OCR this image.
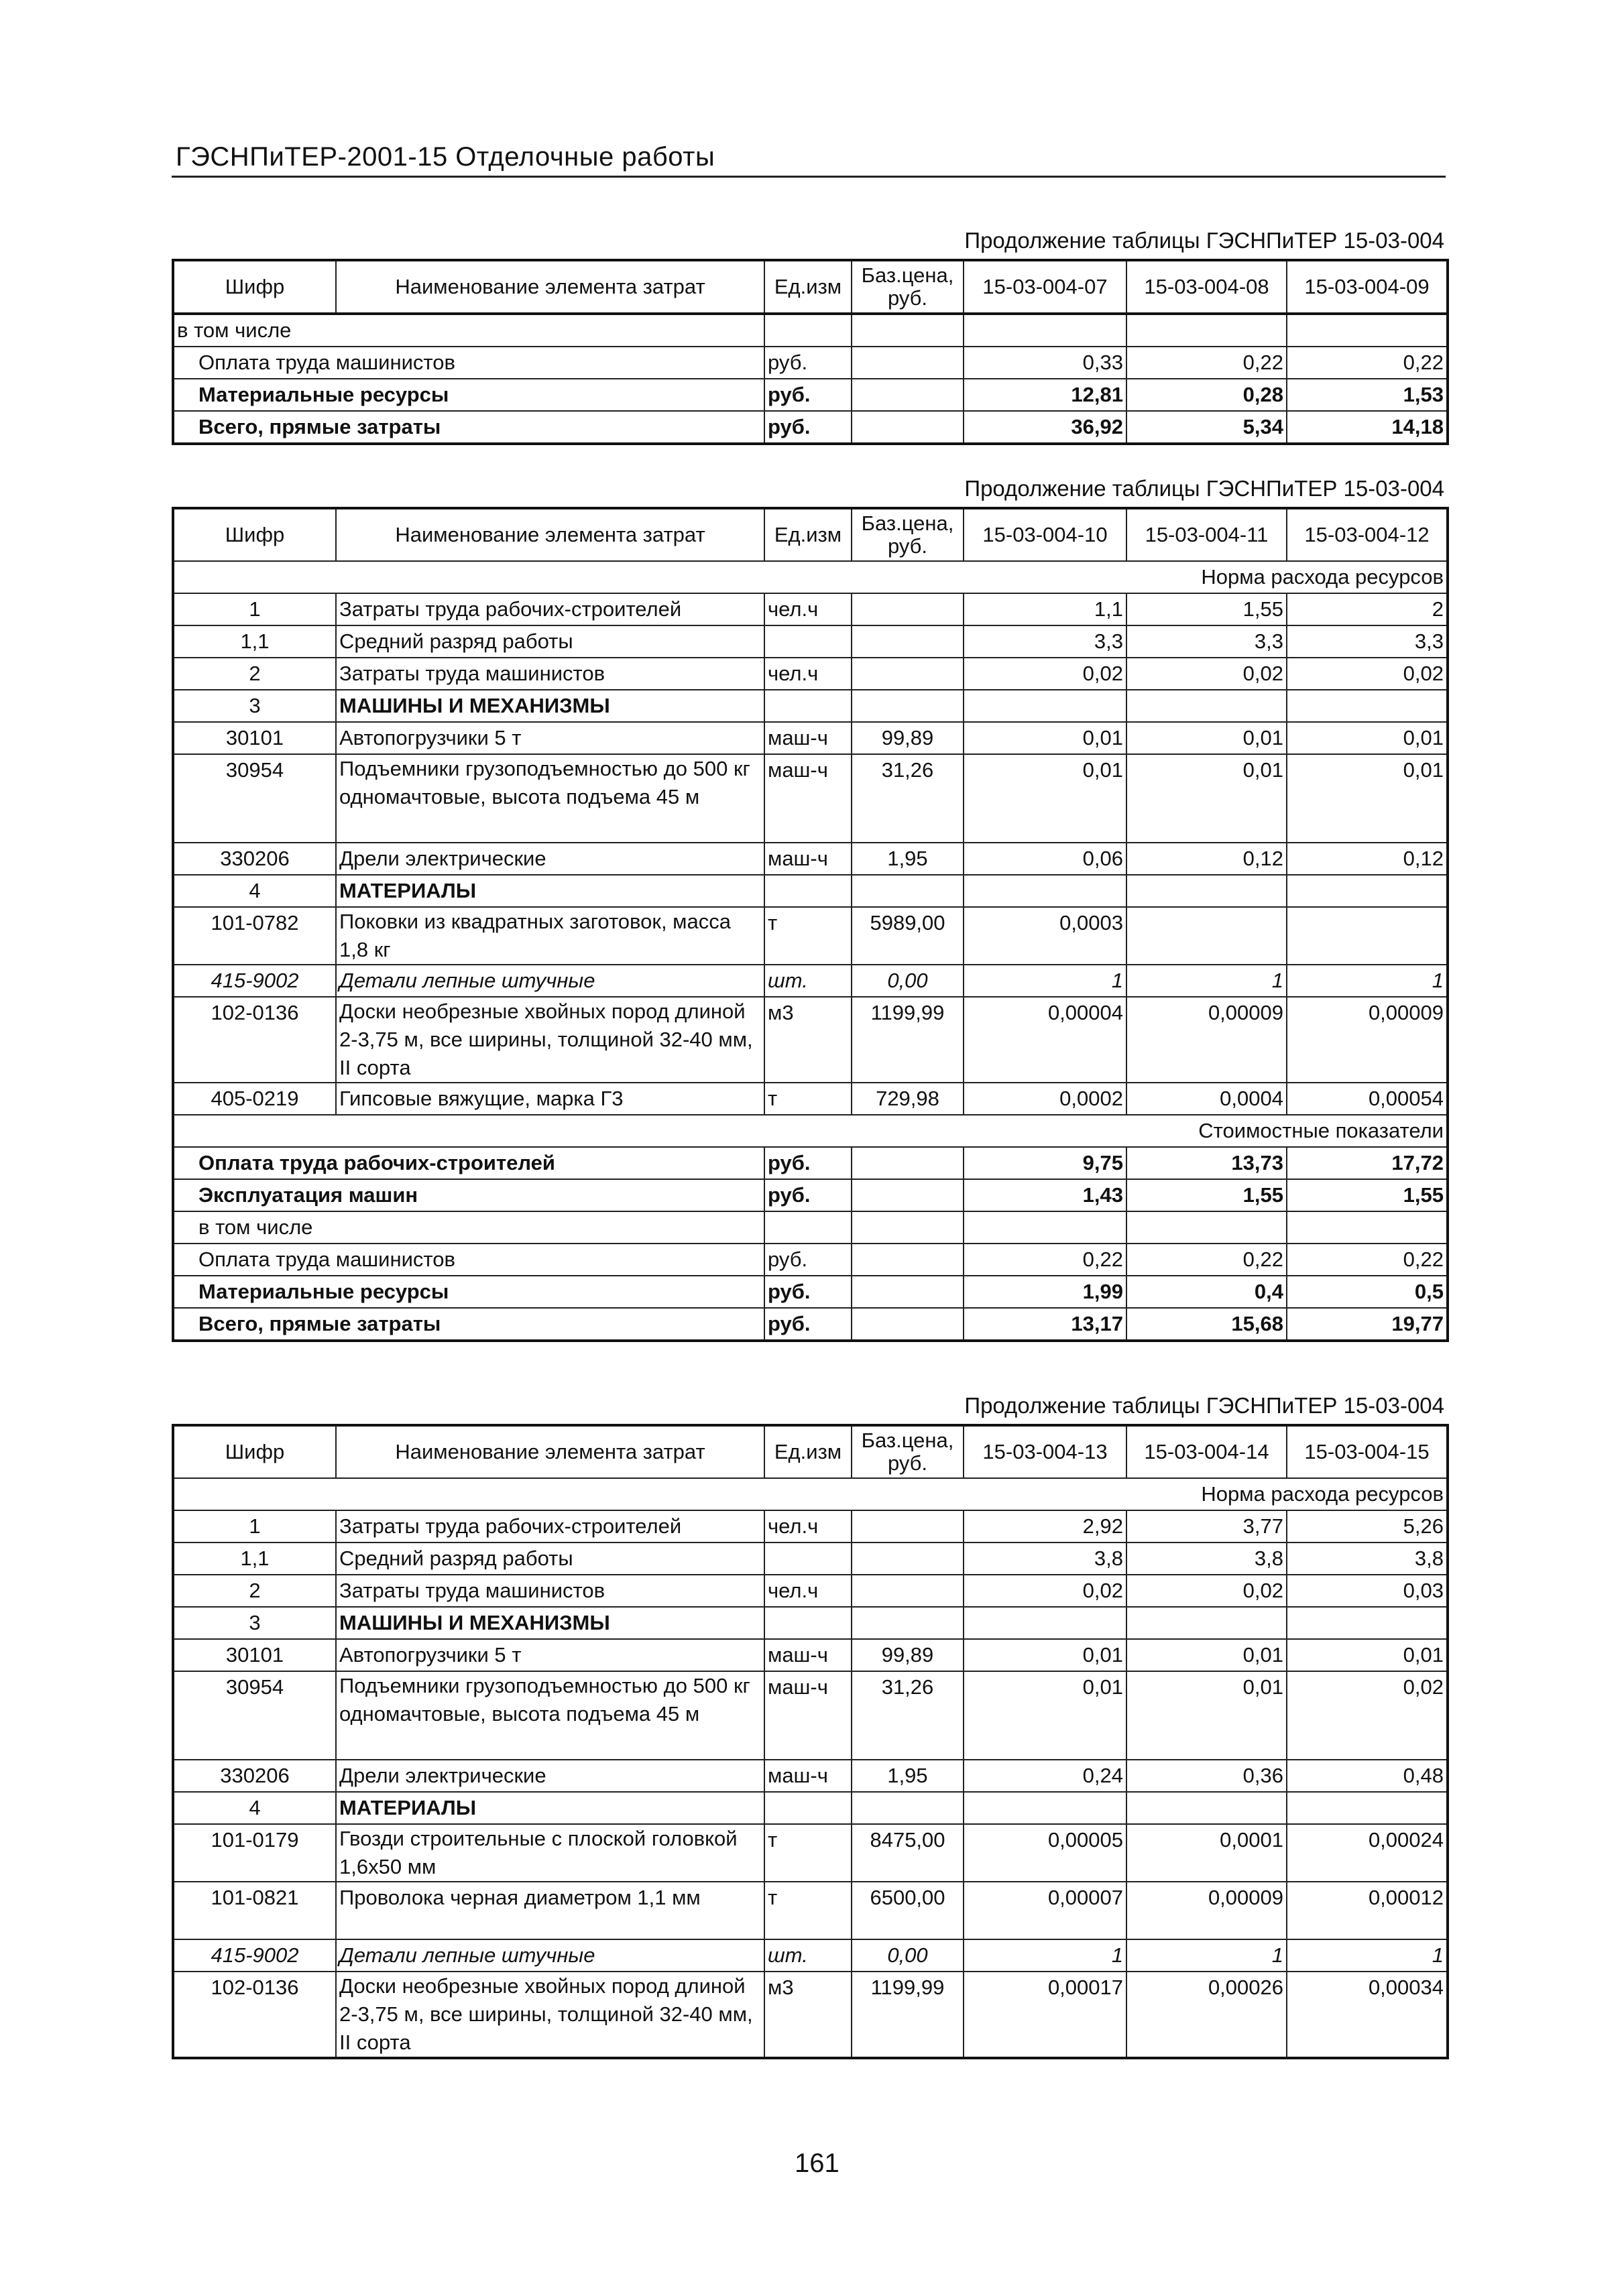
ГЭСНПиТЕР-2001-15 Отделочные работы
Продолжение таблицы ГЭСНПиТЕР 15-03-004
Шифр	Наименование элемента затрат	Ед.изм	Баз.цена, руб.	15-03-004-07	15-03-004-08	15-03-004-09
в том числе						
Оплата труда машинистов		руб.		0,33	0,22	0,22
Материальные ресурсы		руб.		12,81	0,28	1,53
Всего, прямые затраты		руб.		36,92	5,34	14,18
Продолжение таблицы ГЭСНПиТЕР 15-03-004
Шифр	Наименование элемента затрат	Ед.изм	Баз.цена, руб.	15-03-004-10	15-03-004-11	15-03-004-12
Норма расхода ресурсов						
1	Затраты труда рабочих-строителей	чел.ч		1,1	1,55	2
1,1	Средний разряд работы			3,3	3,3	3,3
2	Затраты труда машинистов	чел.ч		0,02	0,02	0,02
3	МАШИНЫ И МЕХАНИЗМЫ					
30101	Автопогрузчики 5 т	маш-ч	99,89	0,01	0,01	0,01
30954	Подъемники грузоподъемностью до 500 кг одномачтовые, высота подъема 45 м	маш-ч	31,26	0,01	0,01	0,01
330206	Дрели электрические	маш-ч	1,95	0,06	0,12	0,12
4	МАТЕРИАЛЫ					
101-0782	Поковки из квадратных заготовок, масса 1,8 кг	т	5989,00	0,0003		
415-9002	Детали лепные штучные	шт.	0,00	1	1	1
102-0136	Доски необрезные хвойных пород длиной 2-3,75 м, все ширины, толщиной 32-40 мм, II сорта	м3	1199,99	0,00004	0,00009	0,00009
405-0219	Гипсовые вяжущие, марка Г3	т	729,98	0,0002	0,0004	0,00054
Стоимостные показатели						
Оплата труда рабочих-строителей		руб.		9,75	13,73	17,72
Эксплуатация машин		руб.		1,43	1,55	1,55
в том числе						
Оплата труда машинистов		руб.		0,22	0,22	0,22
Материальные ресурсы		руб.		1,99	0,4	0,5
Всего, прямые затраты		руб.		13,17	15,68	19,77
Продолжение таблицы ГЭСНПиТЕР 15-03-004
Шифр	Наименование элемента затрат	Ед.изм	Баз.цена, руб.	15-03-004-13	15-03-004-14	15-03-004-15
Норма расхода ресурсов						
1	Затраты труда рабочих-строителей	чел.ч		2,92	3,77	5,26
1,1	Средний разряд работы			3,8	3,8	3,8
2	Затраты труда машинистов	чел.ч		0,02	0,02	0,03
3	МАШИНЫ И МЕХАНИЗМЫ					
30101	Автопогрузчики 5 т	маш-ч	99,89	0,01	0,01	0,01
30954	Подъемники грузоподъемностью до 500 кг одномачтовые, высота подъема 45 м	маш-ч	31,26	0,01	0,01	0,02
330206	Дрели электрические	маш-ч	1,95	0,24	0,36	0,48
4	МАТЕРИАЛЫ					
101-0179	Гвозди строительные с плоской головкой 1,6х50 мм	т	8475,00	0,00005	0,0001	0,00024
101-0821	Проволока черная диаметром 1,1 мм	т	6500,00	0,00007	0,00009	0,00012
415-9002	Детали лепные штучные	шт.	0,00	1	1	1
102-0136	Доски необрезные хвойных пород длиной 2-3,75 м, все ширины, толщиной 32-40 мм, II сорта	м3	1199,99	0,00017	0,00026	0,00034
161
